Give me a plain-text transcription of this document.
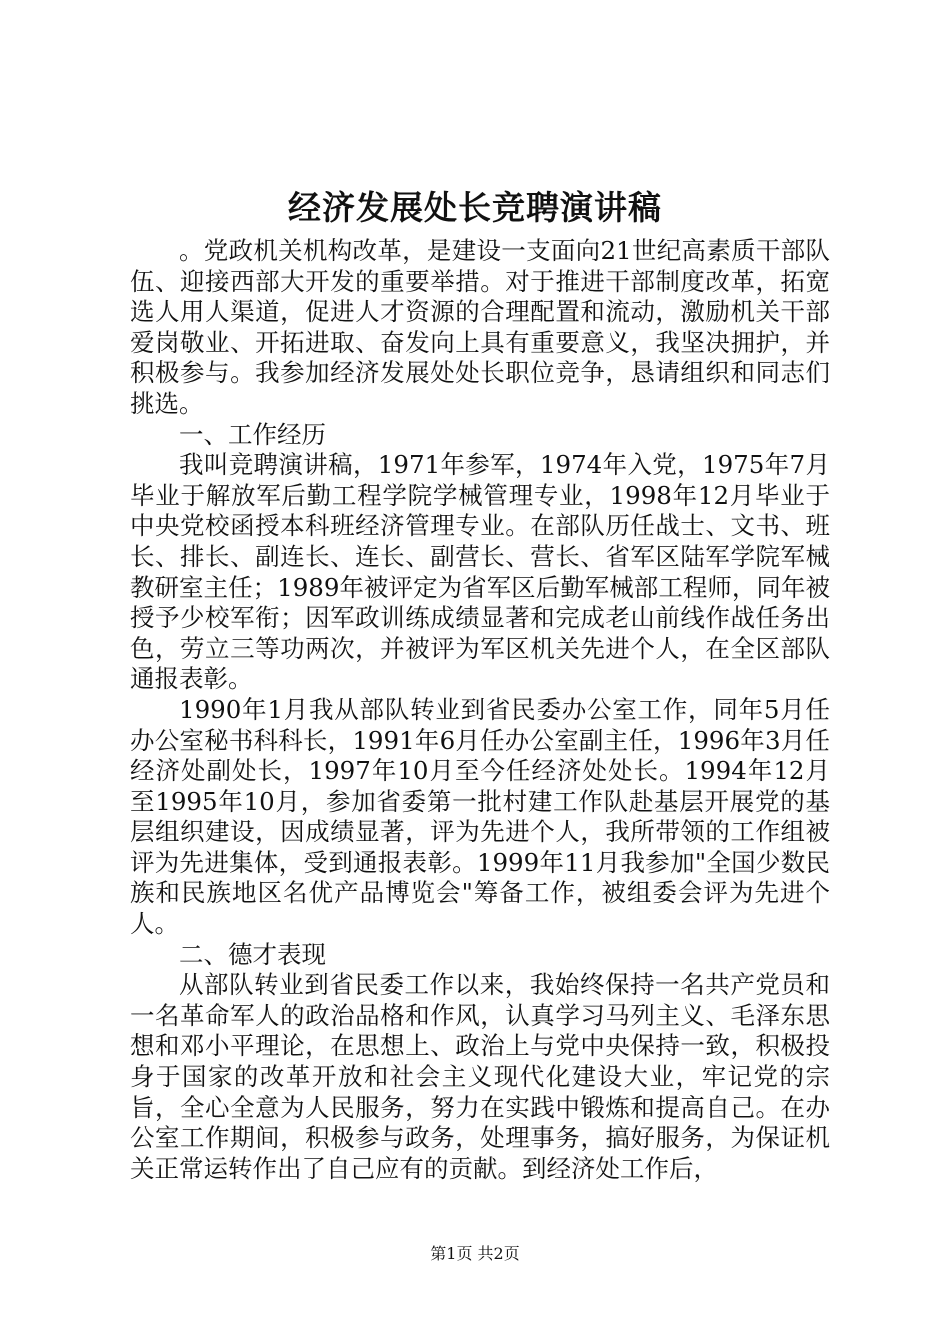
经济发展处长竞聘演讲稿

。党政机关机构改革，是建设一支面向21世纪高素质干部队伍、迎接西部大开发的重要举措。对于推进干部制度改革，拓宽选人用人渠道，促进人才资源的合理配置和流动，激励机关干部爱岗敬业、开拓进取、奋发向上具有重要意义，我坚决拥护，并积极参与。我参加经济发展处处长职位竞争，恳请组织和同志们挑选。

一、工作经历

我叫竞聘演讲稿，1971年参军，1974年入党，1975年7月毕业于解放军后勤工程学院学械管理专业，1998年12月毕业于中央党校函授本科班经济管理专业。在部队历任战士、文书、班长、排长、副连长、连长、副营长、营长、省军区陆军学院军械教研室主任；1989年被评定为省军区后勤军械部工程师，同年被授予少校军衔；因军政训练成绩显著和完成老山前线作战任务出色，劳立三等功两次，并被评为军区机关先进个人，在全区部队通报表彰。

1990年1月我从部队转业到省民委办公室工作，同年5月任办公室秘书科科长，1991年6月任办公室副主任，1996年3月任经济处副处长，1997年10月至今任经济处处长。1994年12月至1995年10月，参加省委第一批村建工作队赴基层开展党的基层组织建设，因成绩显著，评为先进个人，我所带领的工作组被评为先进集体，受到通报表彰。1999年11月我参加"全国少数民族和民族地区名优产品博览会"筹备工作，被组委会评为先进个人。

二、德才表现

从部队转业到省民委工作以来，我始终保持一名共产党员和一名革命军人的政治品格和作风，认真学习马列主义、毛泽东思想和邓小平理论，在思想上、政治上与党中央保持一致，积极投身于国家的改革开放和社会主义现代化建设大业，牢记党的宗旨，全心全意为人民服务，努力在实践中锻炼和提高自己。在办公室工作期间，积极参与政务，处理事务，搞好服务，为保证机关正常运转作出了自己应有的贡献。到经济处工作后，

第1页 共2页
